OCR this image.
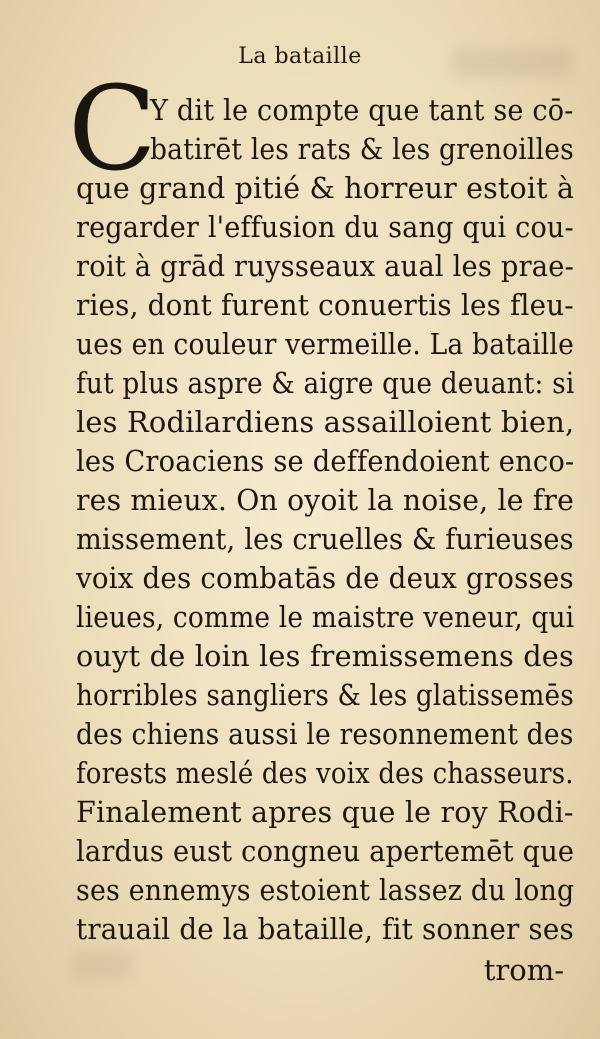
La bataille
C
Y dit le compte que tant se cō-
batirēt les rats & les grenoilles
que grand pitié & horreur estoit à
regarder l'effusion du sang qui cou-
roit à grād ruysseaux aual les prae-
ries, dont furent conuertis les fleu-
ues en couleur vermeille. La bataille
fut plus aspre & aigre que deuant: si
les Rodilardiens assailloient bien,
les Croaciens se deffendoient enco-
res mieux. On oyoit la noise, le fre
missement, les cruelles & furieuses
voix des combatās de deux grosses
lieues, comme le maistre veneur, qui
ouyt de loin les fremissemens des
horribles sangliers & les glatissemēs
des chiens aussi le resonnement des
forests meslé des voix des chasseurs.
Finalement apres que le roy Rodi-
lardus eust congneu apertemēt que
ses ennemys estoient lassez du long
trauail de la bataille, fit sonner ses
trom-
